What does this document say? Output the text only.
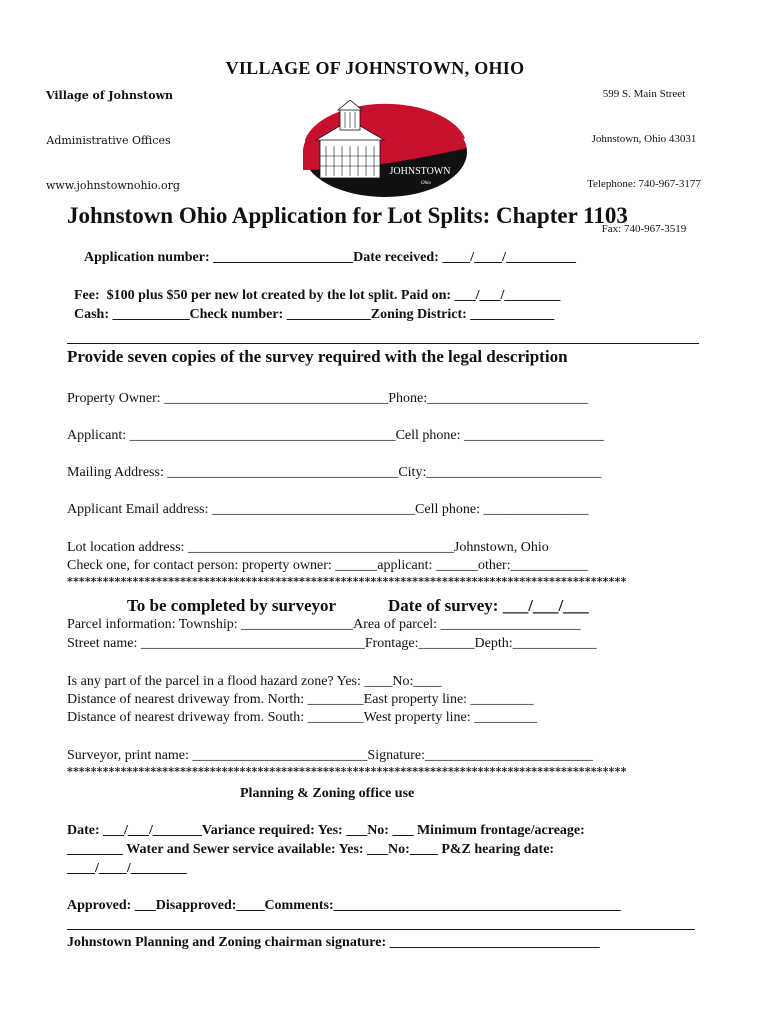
Village of Johnstown

Administrative Offices

www.johnstownohio.org

VILLAGE OF JOHNSTOWN, OHIO

599 S. Main Street

Johnstown, Ohio 43031

Telephone: 740-967-3177

Fax: 740-967-3519

JOHNSTOWN
Ohio
Johnstown Ohio Application for Lot Splits: Chapter 1103
Application number: ____________________Date received: ____/____/__________
Fee:  $100 plus $50 per new lot created by the lot split. Paid on: ___/___/________
Cash: ___________Check number: ____________Zoning District: ____________
Provide seven copies of the survey required with the legal description
Property Owner: ________________________________Phone:_______________________
Applicant: ______________________________________Cell phone: ____________________
Mailing Address: _________________________________City:_________________________
Applicant Email address: _____________________________Cell phone: _______________
Lot location address: ______________________________________Johnstown, Ohio
Check one, for contact person: property owner: ______applicant: ______other:___________
**********************************************************************************************
To be completed by surveyor	Date of survey: ___/___/___
Parcel information: Township: ________________Area of parcel: ____________________
Street name: ________________________________Frontage:________Depth:____________
Is any part of the parcel in a flood hazard zone? Yes: ____No:____
Distance of nearest driveway from. North: ________East property line: _________
Distance of nearest driveway from. South: ________West property line: _________
Surveyor, print name: _________________________Signature:________________________
**********************************************************************************************
Planning & Zoning office use
Date: ___/___/_______Variance required: Yes: ___No: ___ Minimum frontage/acreage:
________ Water and Sewer service available: Yes: ___No:____ P&Z hearing date:
____/____/________
Approved: ___Disapproved:____Comments:_________________________________________
Johnstown Planning and Zoning chairman signature: ______________________________
